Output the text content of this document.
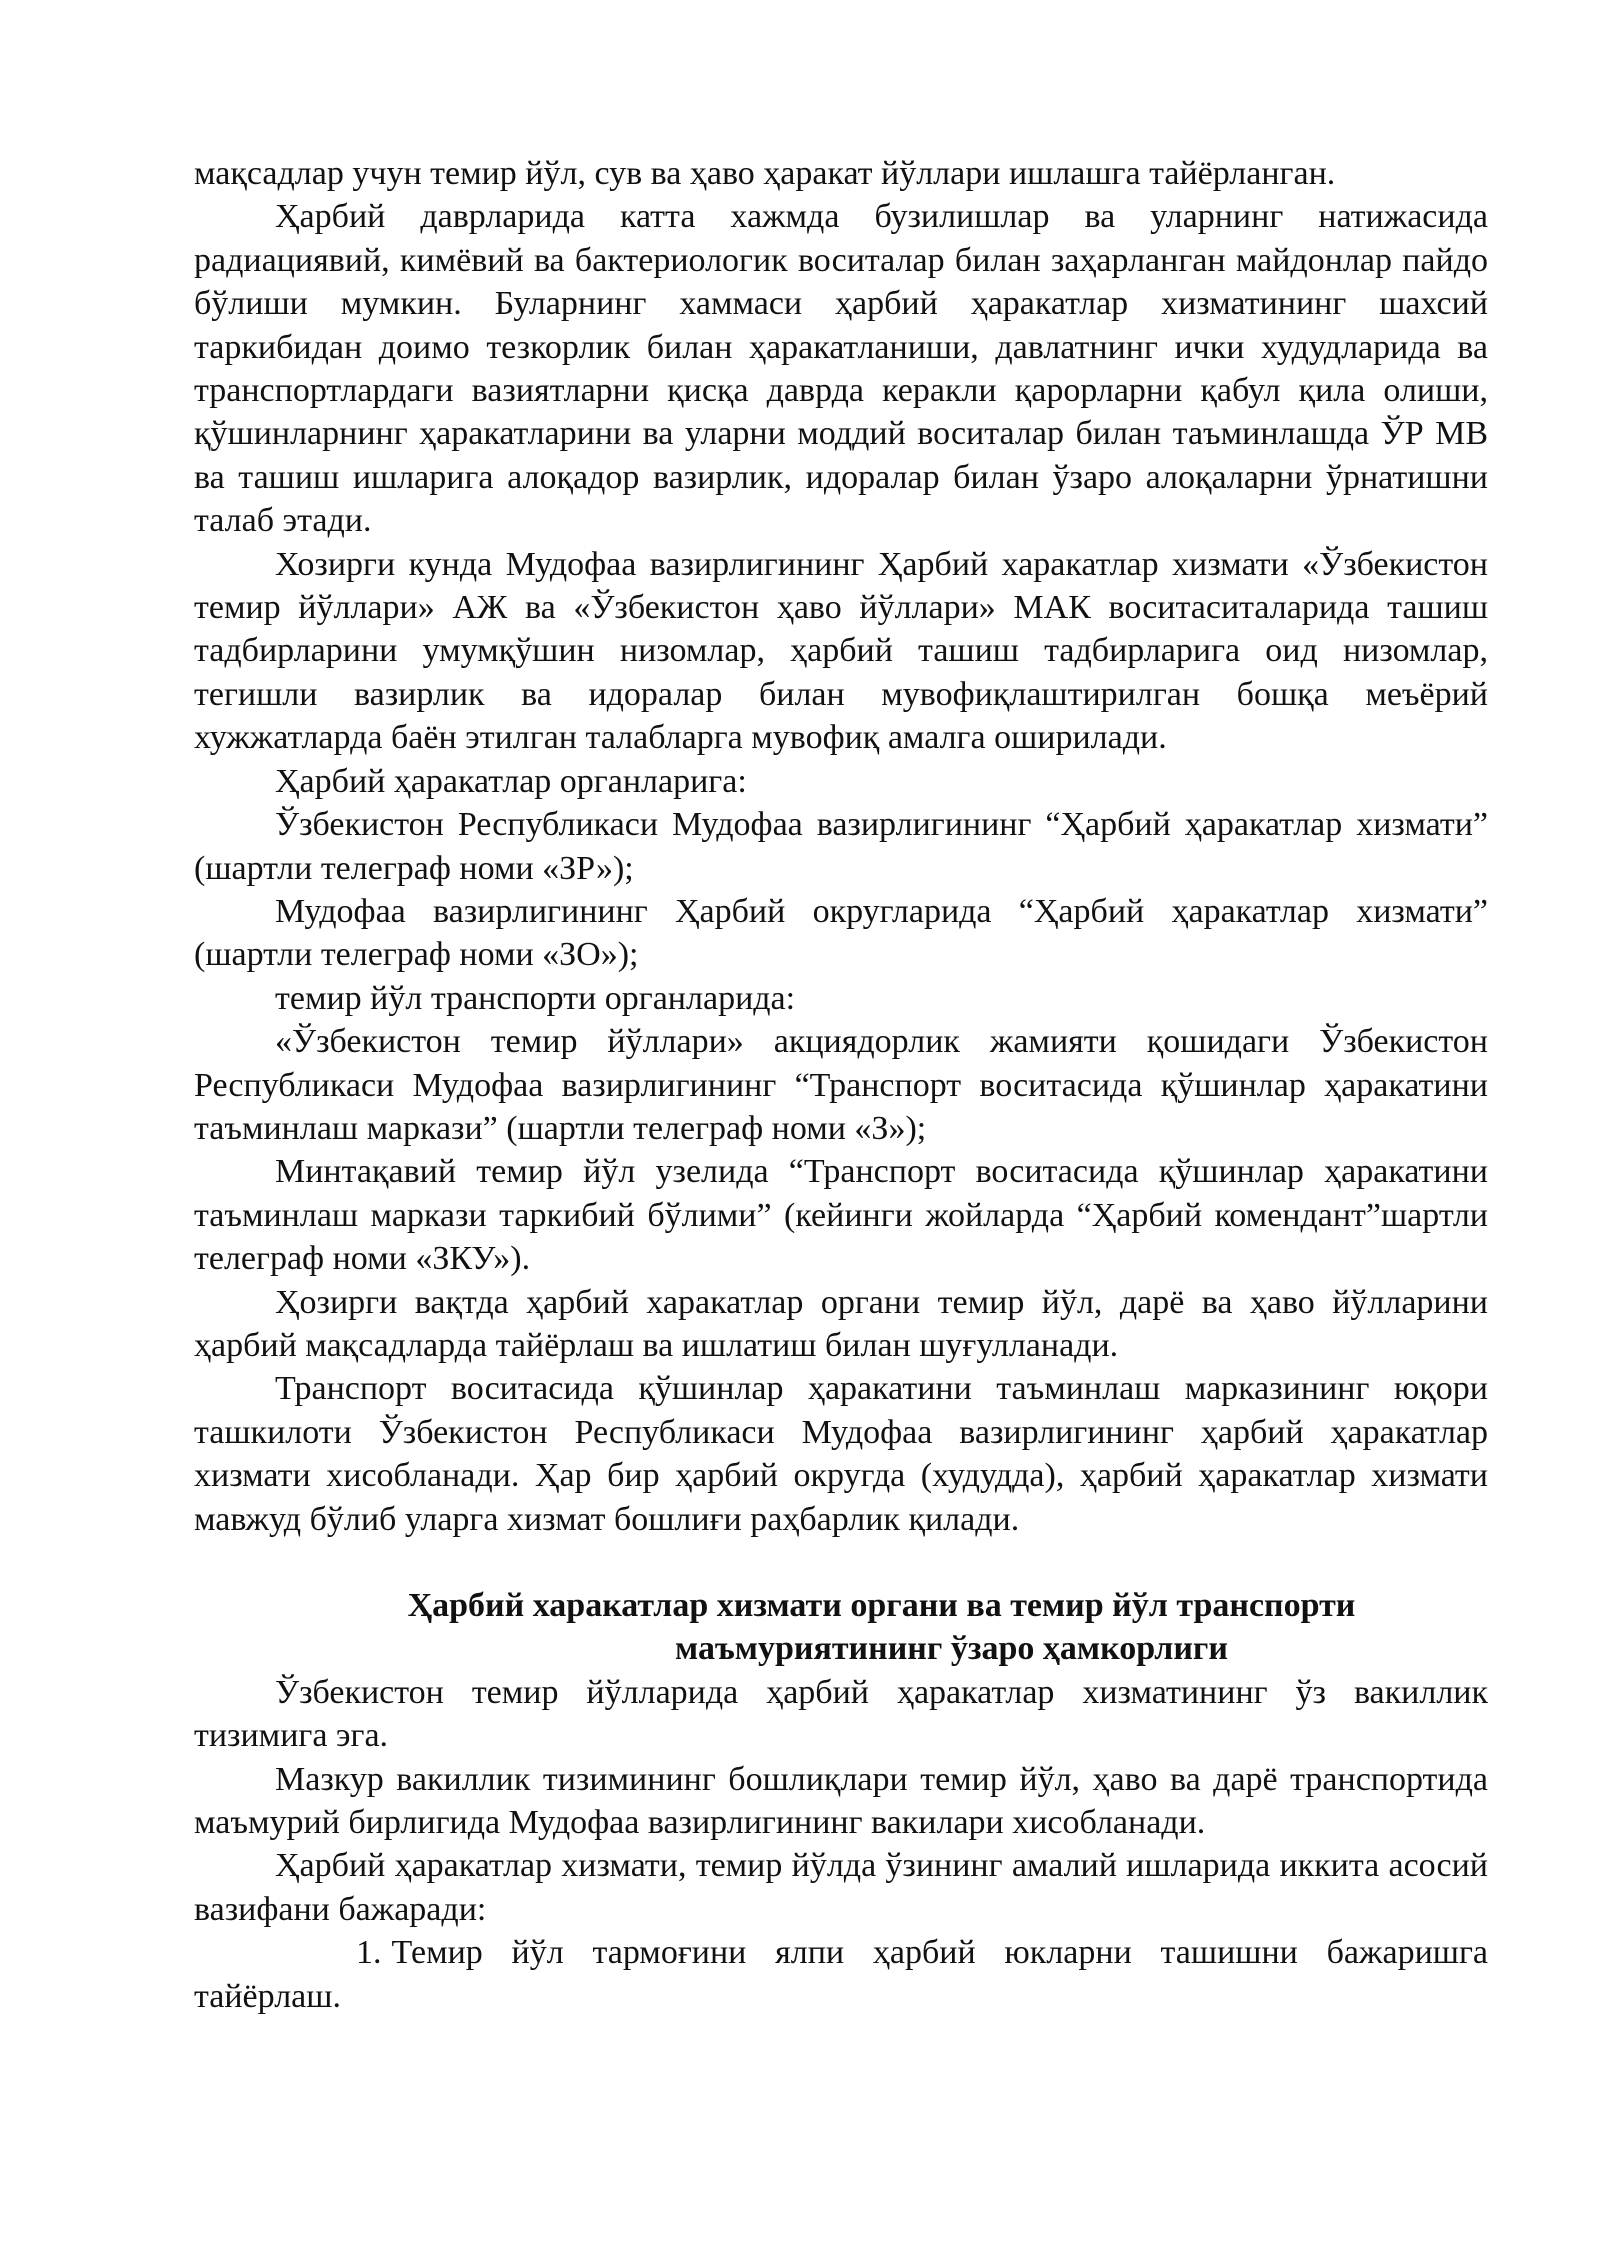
мақсадлар учун темир йўл, сув ва ҳаво ҳаракат йўллари ишлашга тайёрланган.

Ҳарбий даврларида катта хажмда бузилишлар ва уларнинг натижасида радиациявий, кимёвий ва бактериологик воситалар билан заҳарланган майдонлар пайдо бўлиши мумкин. Буларнинг хаммаси ҳарбий ҳаракатлар хизматининг шахсий таркибидан доимо тезкорлик билан ҳаракатланиши, давлатнинг ички худудларида ва транспортлардаги вазиятларни қисқа даврда керакли қарорларни қабул қила олиши, қўшинларнинг ҳаракатларини ва уларни моддий воситалар билан таъминлашда ЎР МВ ва ташиш ишларига алоқадор вазирлик, идоралар билан ўзаро алоқаларни ўрнатишни талаб этади.

Хозирги кунда Мудофаа вазирлигининг Ҳарбий харакатлар хизмати «Ўзбекистон темир йўллари» АЖ ва «Ўзбекистон ҳаво йўллари» МАК воситаситаларида ташиш тадбирларини умумқўшин низомлар, ҳарбий ташиш тадбирларига оид низомлар, тегишли вазирлик ва идоралар билан мувофиқлаштирилган бошқа меъёрий хужжатларда баён этилган талабларга мувофиқ амалга оширилади.

Ҳарбий ҳаракатлар органларига:

Ўзбекистон Республикаси Мудофаа вазирлигининг “Ҳарбий ҳаракатлар хизмати” (шартли телеграф номи «ЗР»);

Мудофаа вазирлигининг Ҳарбий округларида “Ҳарбий ҳаракатлар хизмати” (шартли телеграф номи «ЗО»);

темир йўл транспорти органларида:

«Ўзбекистон темир йўллари» акциядорлик жамияти қошидаги Ўзбекистон Республикаси Мудофаа вазирлигининг “Транспорт воситасида қўшинлар ҳаракатини таъминлаш маркази” (шартли телеграф номи «З»);

Минтақавий темир йўл узелида “Транспорт воситасида қўшинлар ҳаракатини таъминлаш маркази таркибий бўлими” (кейинги жойларда “Ҳарбий комендант”шартли телеграф номи «ЗКУ»).

Ҳозирги вақтда ҳарбий харакатлар органи темир йўл, дарё ва ҳаво йўлларини ҳарбий мақсадларда тайёрлаш ва ишлатиш билан шуғулланади.

Транспорт воситасида қўшинлар ҳаракатини таъминлаш марказининг юқори ташкилоти Ўзбекистон Республикаси Мудофаа вазирлигининг ҳарбий ҳаракатлар хизмати хисобланади. Ҳар бир ҳарбий округда (худудда), ҳарбий ҳаракатлар хизмати мавжуд бўлиб уларга хизмат бошлиғи раҳбарлик қилади.

Ҳарбий харакатлар хизмати органи ва темир йўл транспорти
маъмуриятининг ўзаро ҳамкорлиги

Ўзбекистон темир йўлларида ҳарбий ҳаракатлар хизматининг ўз вакиллик тизимига эга.

Мазкур вакиллик тизимининг бошлиқлари темир йўл, ҳаво ва дарё транспортида маъмурий бирлигида Мудофаа вазирлигининг вакилари хисобланади.

Ҳарбий ҳаракатлар хизмати, темир йўлда ўзининг амалий ишларида иккита асосий вазифани бажаради:

1. Темир йўл тармоғини ялпи ҳарбий юкларни ташишни бажаришга тайёрлаш.
